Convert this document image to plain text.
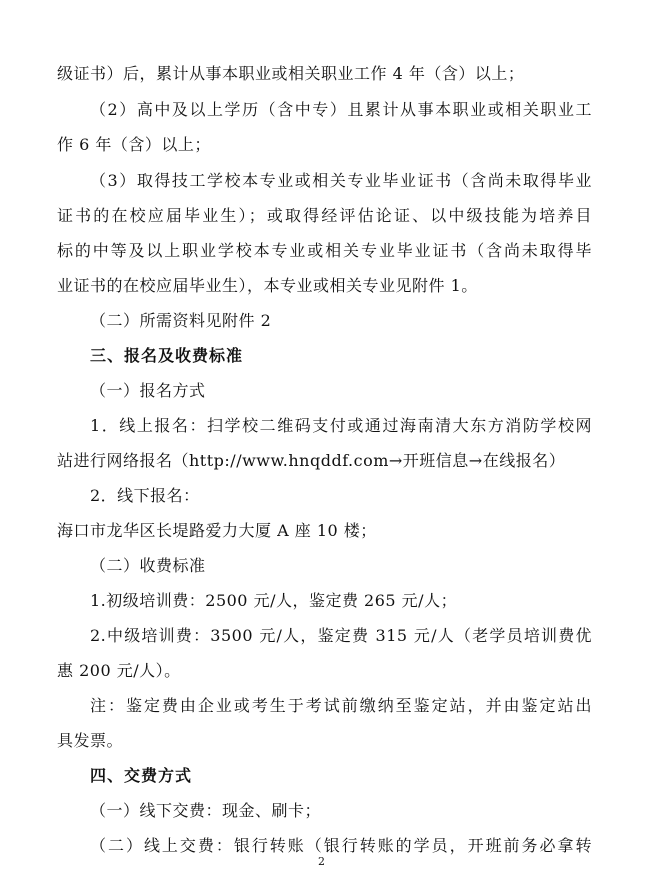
级证书）后，累计从事本职业或相关职业工作 4 年（含）以上；
（2）高中及以上学历（含中专）且累计从事本职业或相关职业工
作 6 年（含）以上；
（3）取得技工学校本专业或相关专业毕业证书（含尚未取得毕业
证书的在校应届毕业生）；或取得经评估论证、以中级技能为培养目
标的中等及以上职业学校本专业或相关专业毕业证书（含尚未取得毕
业证书的在校应届毕业生），本专业或相关专业见附件 1。
（二）所需资料见附件 2
三、报名及收费标准
（一）报名方式
1．线上报名：扫学校二维码支付或通过海南清大东方消防学校网
站进行网络报名（http://www.hnqddf.com→开班信息→在线报名）
2．线下报名：
海口市龙华区长堤路爱力大厦 A 座 10 楼；
（二）收费标准
1.初级培训费：2500 元/人，鉴定费 265 元/人；
2.中级培训费：3500 元/人，鉴定费 315 元/人（老学员培训费优
惠 200 元/人）。
注：鉴定费由企业或考生于考试前缴纳至鉴定站，并由鉴定站出
具发票。
四、交费方式
（一）线下交费：现金、刷卡；
（二）线上交费：银行转账（银行转账的学员，开班前务必拿转
2
